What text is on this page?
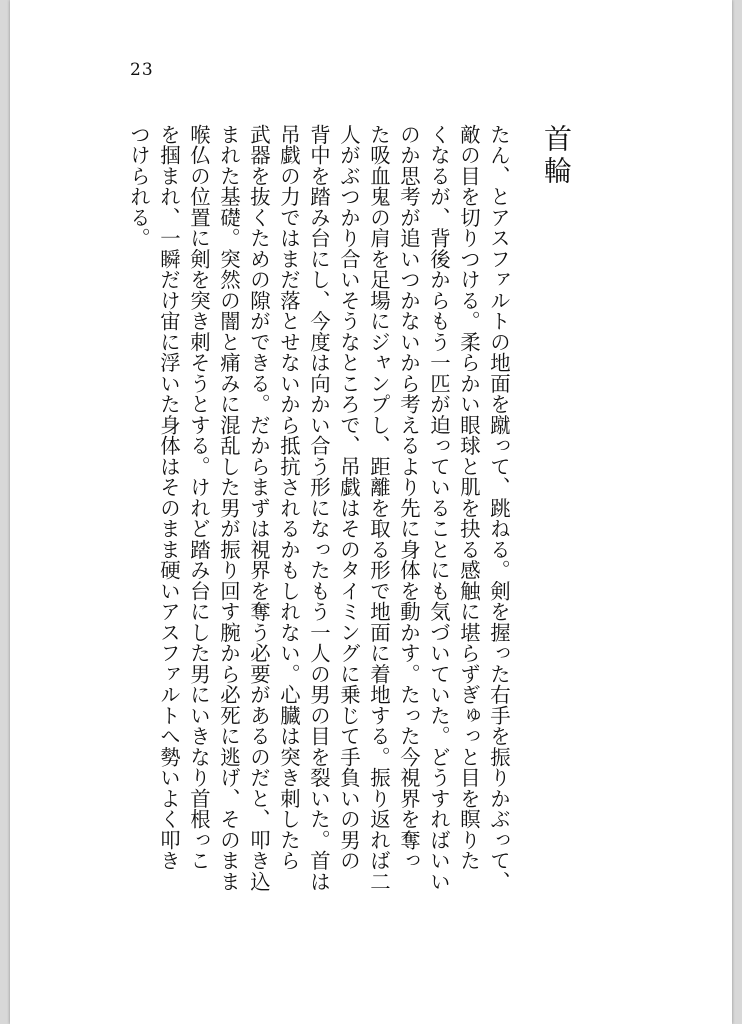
23
首輪
たん、とアスファルトの地面を蹴って、跳ねる。剣を握った右手を振りかぶって、
敵の目を切りつける。柔らかい眼球と肌を抉る感触に堪らずぎゅっと目を瞑りた
くなるが、背後からもう一匹が迫っていることにも気づいていた。どうすればいい
のか思考が追いつかないから考えるより先に身体を動かす。たった今視界を奪っ
た吸血鬼の肩を足場にジャンプし、距離を取る形で地面に着地する。振り返れば二
人がぶつかり合いそうなところで、吊戯はそのタイミングに乗じて手負いの男の
背中を踏み台にし、今度は向かい合う形になったもう一人の男の目を裂いた。首は
吊戯の力ではまだ落とせないから抵抗されるかもしれない。心臓は突き刺したら
武器を抜くための隙ができる。だからまずは視界を奪う必要があるのだと、叩き込
まれた基礎。突然の闇と痛みに混乱した男が振り回す腕から必死に逃げ、そのまま
喉仏の位置に剣を突き刺そうとする。けれど踏み台にした男にいきなり首根っこ
を掴まれ、一瞬だけ宙に浮いた身体はそのまま硬いアスファルトへ勢いよく叩き
つけられる。
